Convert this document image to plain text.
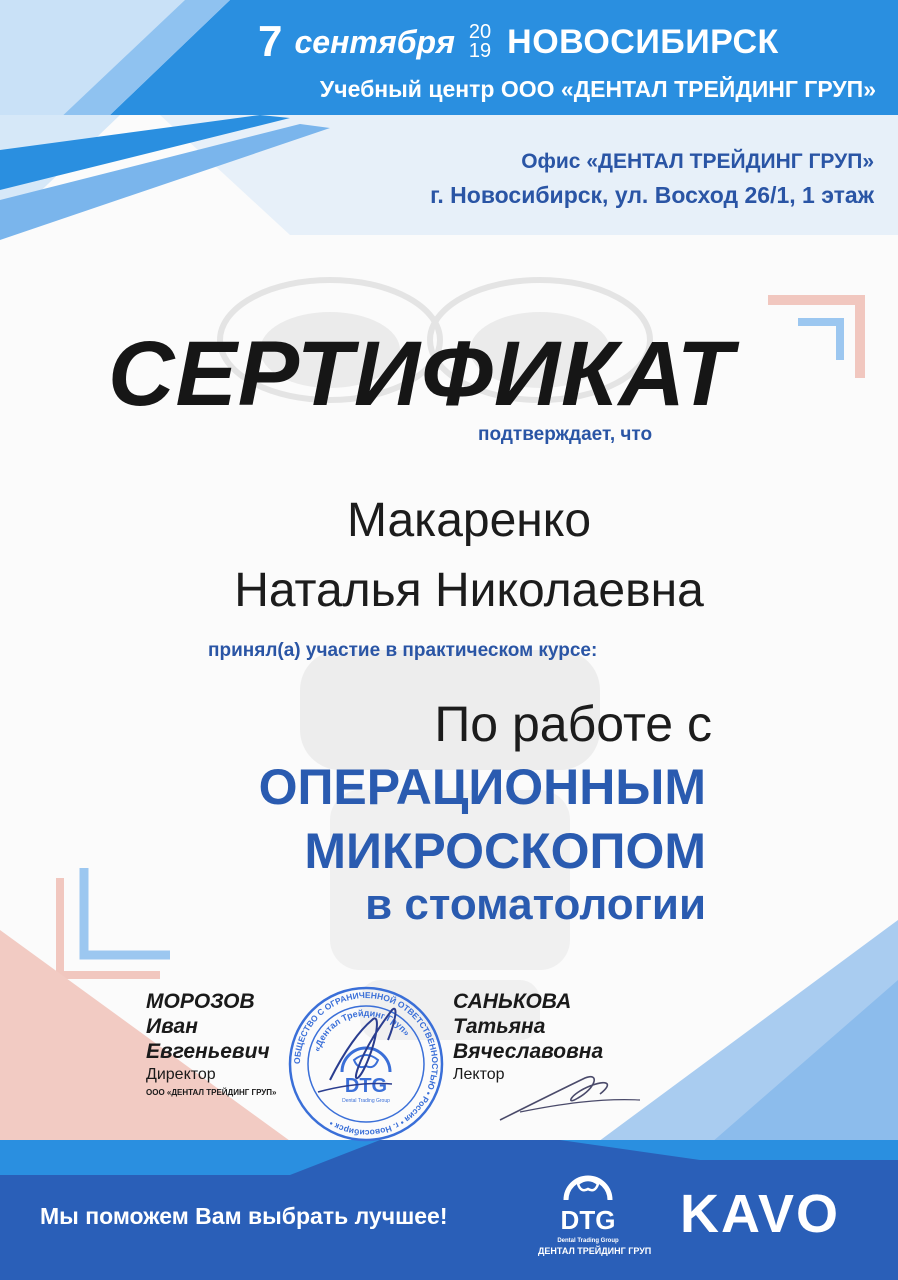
7 сентября 20
19 НОВОСИБИРСК
Учебный центр ООО «ДЕНТАЛ ТРЕЙДИНГ ГРУП»
Офис «ДЕНТАЛ ТРЕЙДИНГ ГРУП»
г. Новосибирск, ул. Восход 26/1, 1 этаж
СЕРТИФИКАТ
подтверждает, что
Макаренко
Наталья Николаевна
принял(а) участие в практическом курсе:
По работе с
ОПЕРАЦИОННЫМ
МИКРОСКОПОМ
в стоматологии
МОРОЗОВ
Иван
Евгеньевич
Директор
ООО «ДЕНТАЛ ТРЕЙДИНГ ГРУП»
САНЬКОВА
Татьяна
Вячеславовна
Лектор
ОБЩЕСТВО С ОГРАНИЧЕННОЙ ОТВЕТСТВЕННОСТЬЮ • Россия • г. Новосибирск •
«Дентал Трейдинг Груп»
DTG
Dental Trading Group
Мы поможем Вам выбрать лучшее!	DTG
Dental Trading Group
ДЕНТАЛ ТРЕЙДИНГ ГРУП
KAVO
